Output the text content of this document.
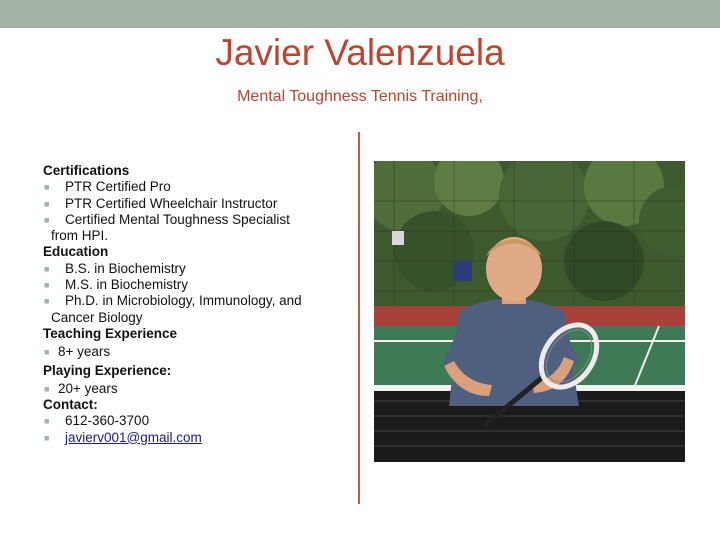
Javier Valenzuela
Mental Toughness Tennis Training,
Certifications
■ PTR Certified Pro
■ PTR Certified Wheelchair Instructor
■ Certified Mental Toughness Specialist
from HPI.
Education
■ B.S. in Biochemistry
■ M.S. in Biochemistry
■ Ph.D. in Microbiology, Immunology, and
Cancer Biology
Teaching Experience
■ 8+ years
Playing Experience:
■ 20+ years
Contact:
■ 612-360-3700
■ javierv001@gmail.com
